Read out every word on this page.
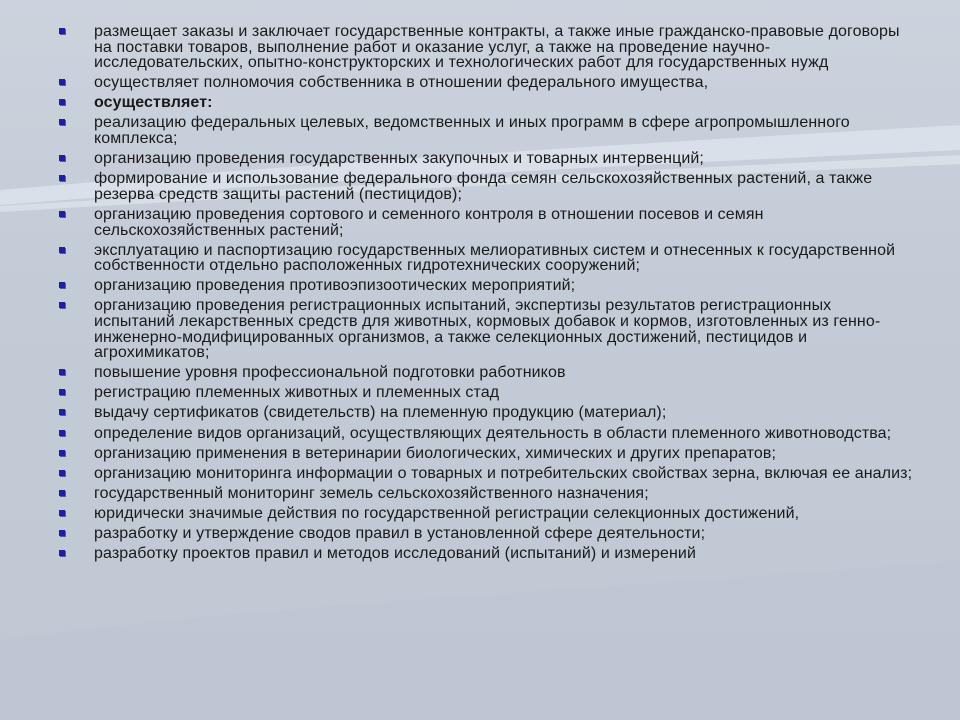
размещает заказы и заключает государственные контракты, а также иные гражданско-правовые договоры на поставки товаров, выполнение работ и оказание услуг, а также на проведение научно-исследовательских, опытно-конструкторских и технологических работ для государственных нужд
осуществляет полномочия собственника в отношении федерального имущества,
осуществляет:
реализацию федеральных целевых, ведомственных и иных программ в сфере агропромышленного комплекса;
организацию проведения государственных закупочных и товарных интервенций;
формирование и использование федерального фонда семян сельскохозяйственных растений, а также резерва средств защиты растений (пестицидов);
организацию проведения сортового и семенного контроля в отношении посевов и семян сельскохозяйственных растений;
эксплуатацию и паспортизацию государственных мелиоративных систем и отнесенных к государственной собственности отдельно расположенных гидротехнических сооружений;
организацию проведения противоэпизоотических мероприятий;
организацию проведения регистрационных испытаний, экспертизы результатов регистрационных испытаний лекарственных средств для животных, кормовых добавок и кормов, изготовленных из генно-инженерно-модифицированных организмов, а также селекционных достижений, пестицидов и агрохимикатов;
повышение уровня профессиональной подготовки работников
регистрацию племенных животных и племенных стад
выдачу сертификатов (свидетельств) на племенную продукцию (материал);
определение видов организаций, осуществляющих деятельность в области племенного животноводства;
организацию применения в ветеринарии биологических, химических и других препаратов;
организацию мониторинга информации о товарных и потребительских свойствах зерна, включая ее анализ;
государственный мониторинг земель сельскохозяйственного назначения;
юридически значимые действия по государственной регистрации селекционных достижений,
разработку и утверждение сводов правил в установленной сфере деятельности;
разработку проектов правил и методов исследований (испытаний) и измерений
